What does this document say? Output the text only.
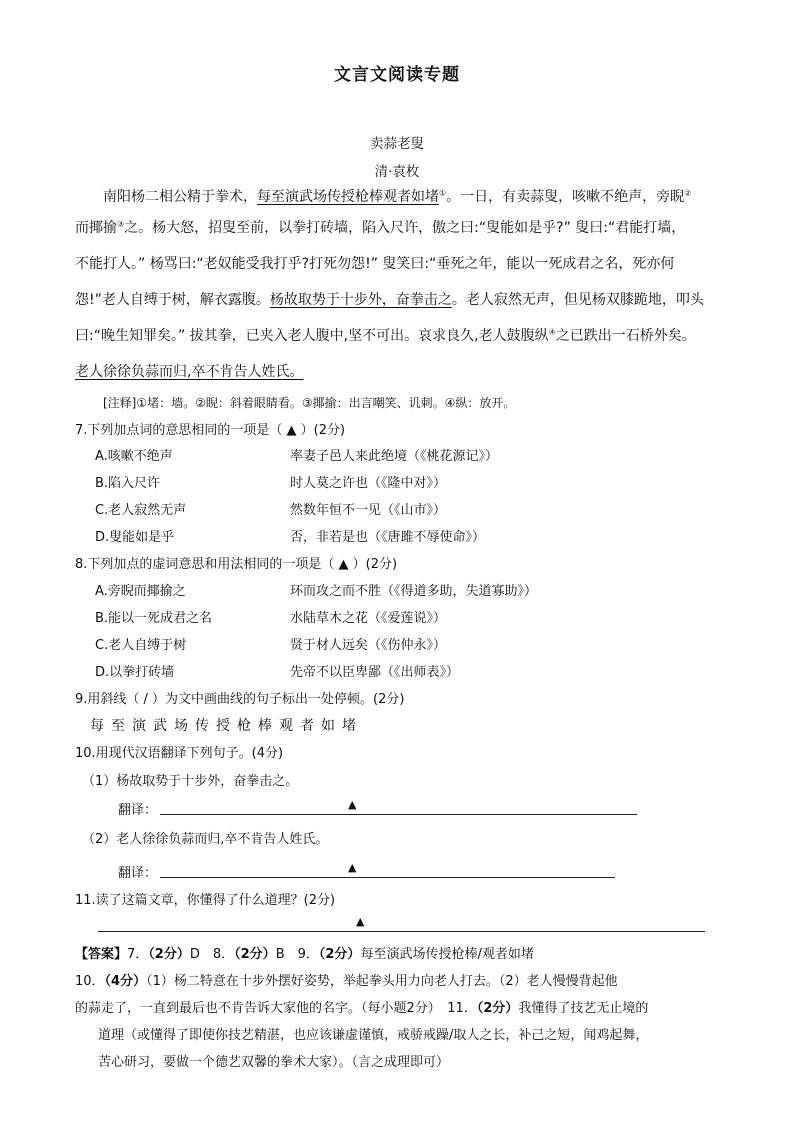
文言文阅读专题
卖蒜老叟
清·袁枚
南阳杨二相公精于拳术，每至演武场传授枪棒观者如堵①。一日，有卖蒜叟，咳嗽不绝声，旁睨②
而揶揄③之。杨大怒，招叟至前，以拳打砖墙，陷入尺许，傲之曰:“叟能如是乎?” 叟曰:“君能打墙，
不能打人。” 杨骂曰:“老奴能受我打乎?打死勿怨!” 叟笑曰:“垂死之年，能以一死成君之名，死亦何
怨!”老人自缚于树，解衣露腹。杨故取势于十步外，奋拳击之。老人寂然无声，但见杨双膝跪地，叩头
曰:“晚生知罪矣。” 拔其拳，已夹入老人腹中,坚不可出。哀求良久,老人鼓腹纵④之已跌出一石桥外矣。
老人徐徐负蒜而归,卒不肯告人姓氏。
[注释]①堵：墙。②睨：斜着眼睛看。③揶揄：出言嘲笑、讥刺。④纵：放开。
7.下列加点词的意思相同的一项是（ ▲ ）(2分)
A.咳嗽不绝声	率妻子邑人来此绝境（《桃花源记》）
B.陷入尺许	时人莫之许也（《隆中对》）
C.老人寂然无声	然数年恒不一见（《山市》）
D.叟能如是乎	否，非若是也（《唐雎不辱使命》）
8.下列加点的虚词意思和用法相同的一项是（ ▲ ）(2分)
A.旁睨而揶揄之	环而攻之而不胜（《得道多助，失道寡助》）
B.能以一死成君之名	水陆草木之花（《爱莲说》）
C.老人自缚于树	贤于材人远矣（《伤仲永》）
D.以拳打砖墙	先帝不以臣卑鄙（《出师表》）
9.用斜线（ / ）为文中画曲线的句子标出一处停顿。(2分)
每至演武场传授枪棒观者如堵
10.用现代汉语翻译下列句子。(4分)
（1）杨故取势于十步外，奋拳击之。
翻译：	▲
（2）老人徐徐负蒜而归,卒不肯告人姓氏。
翻译：	▲
11.读了这篇文章，你懂得了什么道理？(2分)
▲
【答案】7．（2分）D　8．（2分）B　9．（2分）每至演武场传授枪棒/观者如堵
10．（4分）（1）杨二特意在十步外摆好姿势，举起拳头用力向老人打去。（2）老人慢慢背起他
的蒜走了，一直到最后也不肯告诉大家他的名字。（每小题2分）　11．（2分）我懂得了技艺无止境的
道理（或懂得了即使你技艺精湛，也应该谦虚谨慎，戒骄戒躁/取人之长，补己之短，闻鸡起舞，
苦心研习，要做一个德艺双馨的拳术大家）。（言之成理即可）
